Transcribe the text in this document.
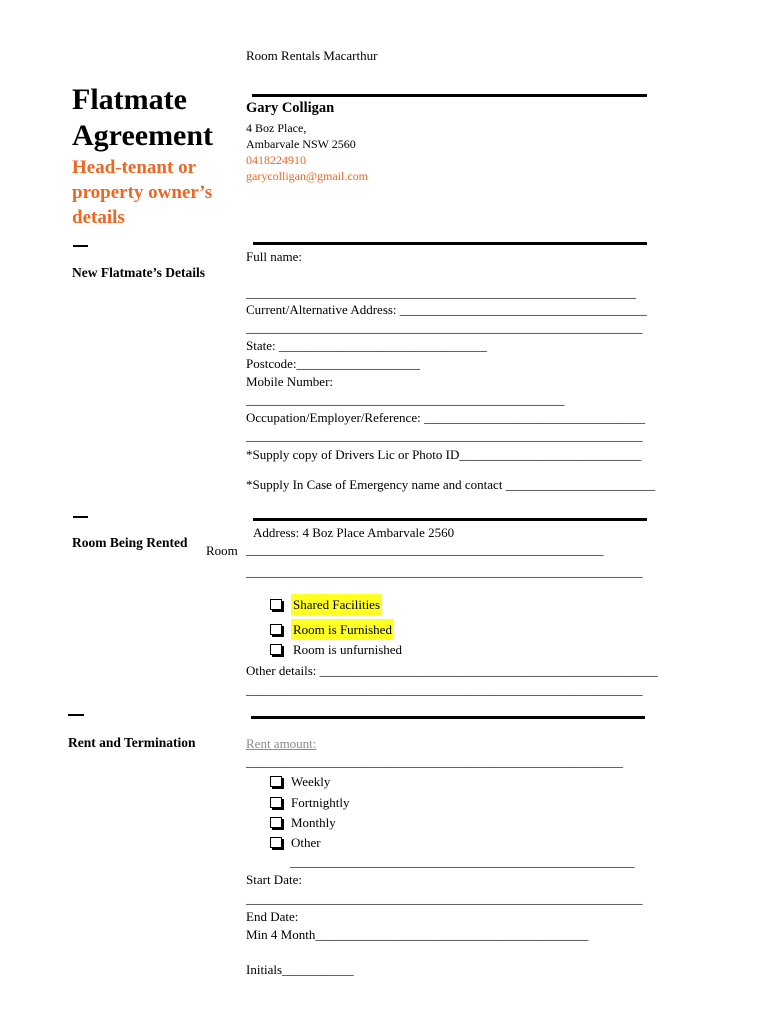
Room Rentals Macarthur
Flatmate
Agreement
Head-tenant or
property owner’s
details
Gary Colligan
4 Boz Place,
Ambarvale NSW 2560
0418224910
garycolligan@gmail.com
New Flatmate’s Details
Full name:
____________________________________________________________
Current/Alternative Address: ______________________________________
_____________________________________________________________
State: ________________________________
Postcode:___________________
Mobile Number:
_________________________________________________
Occupation/Employer/Reference: __________________________________
_____________________________________________________________
*Supply copy of Drivers Lic or Photo ID____________________________
*Supply In Case of Emergency name and contact _______________________
Room Being Rented
Room
Address: 4 Boz Place Ambarvale 2560
_______________________________________________________
_____________________________________________________________
Shared Facilities
Room is Furnished
Room is unfurnished
Other details: ____________________________________________________
_____________________________________________________________
Rent and Termination	Rent amount:
__________________________________________________________
Weekly
Fortnightly
Monthly
Other
_____________________________________________________
Start Date:
_____________________________________________________________
End Date:
Min 4 Month__________________________________________
Initials___________
